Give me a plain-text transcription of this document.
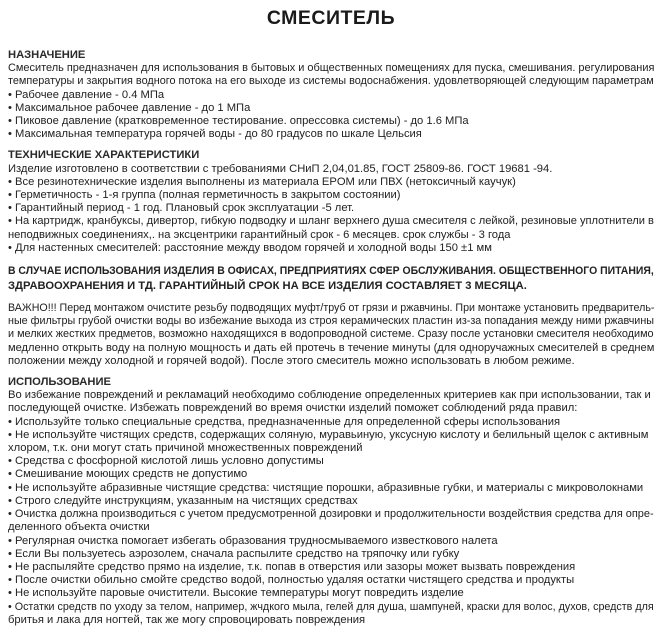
СМЕСИТЕЛЬ
НАЗНАЧЕНИЕ
Смеситель предназначен для использования в бытовых и общественных помещениях для пуска, смешивания. регулирования
температуры и закрытия водного потока на его выходе из системы водоснабжения. удовлетворяющей следующим параметрам
• Рабочее давление - 0.4 МПа
• Максимальное рабочее давление - до 1 МПа
• Пиковое давление (кратковременное тестирование. опрессовка системы) - до 1.6 МПа
• Максимальная температура горячей воды - до 80 градусов по шкале Цельсия
ТЕХНИЧЕСКИЕ ХАРАКТЕРИСТИКИ
Изделие изготовлено в соответствии с требованиями СНиП 2,04,01.85, ГОСТ 25809-86. ГОСТ 19681 -94.
• Все резинотехнические изделия выполнены из материала EPOM или ПВХ (нетоксичный каучук)
• Герметичность - 1-я группа (полная герметичность в закрытом состоянии)
• Гарантийный период - 1 год. Плановый срок эксплуатации -5 лет.
• На картридж, кранбуксы, дивертор, гибкую подводку и шланг верхнего душа смесителя с лейкой, резиновые уплотнители в
неподвижных соединениях,. на эксцентрики гарантийный срок - 6 месяцев. срок службы - 3 года
• Для настенных смесителей: расстояние между вводом горячей и холодной воды 150 ±1 мм
В СЛУЧАЕ ИСПОЛЬЗОВАНИЯ ИЗДЕЛИЯ В ОФИСАХ, ПРЕДПРИЯТИЯХ СФЕР ОБСЛУЖИВАНИЯ. ОБЩЕСТВЕННОГО ПИТАНИЯ,
ЗДРАВООХРАНЕНИЯ И ТД. ГАРАНТИЙНЫЙ СРОК НА ВСЕ ИЗДЕЛИЯ СОСТАВЛЯЕТ 3 МЕСЯЦА.
ВАЖНО!!! Перед монтажом очистите резьбу подводящих муфт/труб от грязи и ржавчины. При монтаже установить предваритель-
ные фильтры грубой очистки воды во избежание выхода из строя керамических пластин из-за попадания между ними ржавчины
и мелких жестких предметов, возможно находящихся в водопроводной системе. Сразу после установки смесителя необходимо
медленно открыть воду на полную мощность и дать ей протечь в течение минуты (для одноручажных смесителей в среднем
положении между холодной и горячей водой). После этого смеситель можно использовать в любом режиме.
ИСПОЛЬЗОВАНИЕ
Во избежание повреждений и рекламаций необходимо соблюдение определенных критериев как при использовании, так и
последующей очистке. Избежать повреждений во время очистки изделий поможет соблюдений ряда правил:
• Используйте только специальные средства, предназначенные для определенной сферы использования
• Не используйте чистящих средств, содержащих соляную, муравьиную, уксусную кислоту и белильный щелок с активным
хлором, т.к. они могут стать причиной множественных повреждений
• Средства с фосфорной кислотой лишь условно допустимы
• Смешивание моющих средств не допустимо
• Не используйте абразивные чистящие средства: чистящие порошки, абразивные губки, и материалы с микроволокнами
• Строго следуйте инструкциям, указанным на чистящих средствах
• Очистка должна производиться с учетом предусмотренной дозировки и продолжительности воздействия средства для опре-
деленного объекта очистки
• Регулярная очистка помогает избегать образования трудносмываемого известкового налета
• Если Вы пользуетесь аэрозолем, сначала распылите средство на тряпочку или губку
• Не распыляйте средство прямо на изделие, т.к. попав в отверстия или зазоры может вызвать повреждения
• После очистки обильно смойте средство водой, полностью удаляя остатки чистящего средства и продукты
• Не используйте паровые очистители. Высокие температуры могут повредить изделие
• Остатки средств по уходу за телом, например, жчдкого мыла, гелей для душа, шампуней, краски для волос, духов, средств для
бритья и лака для ногтей, так же могу спровоцировать повреждения
